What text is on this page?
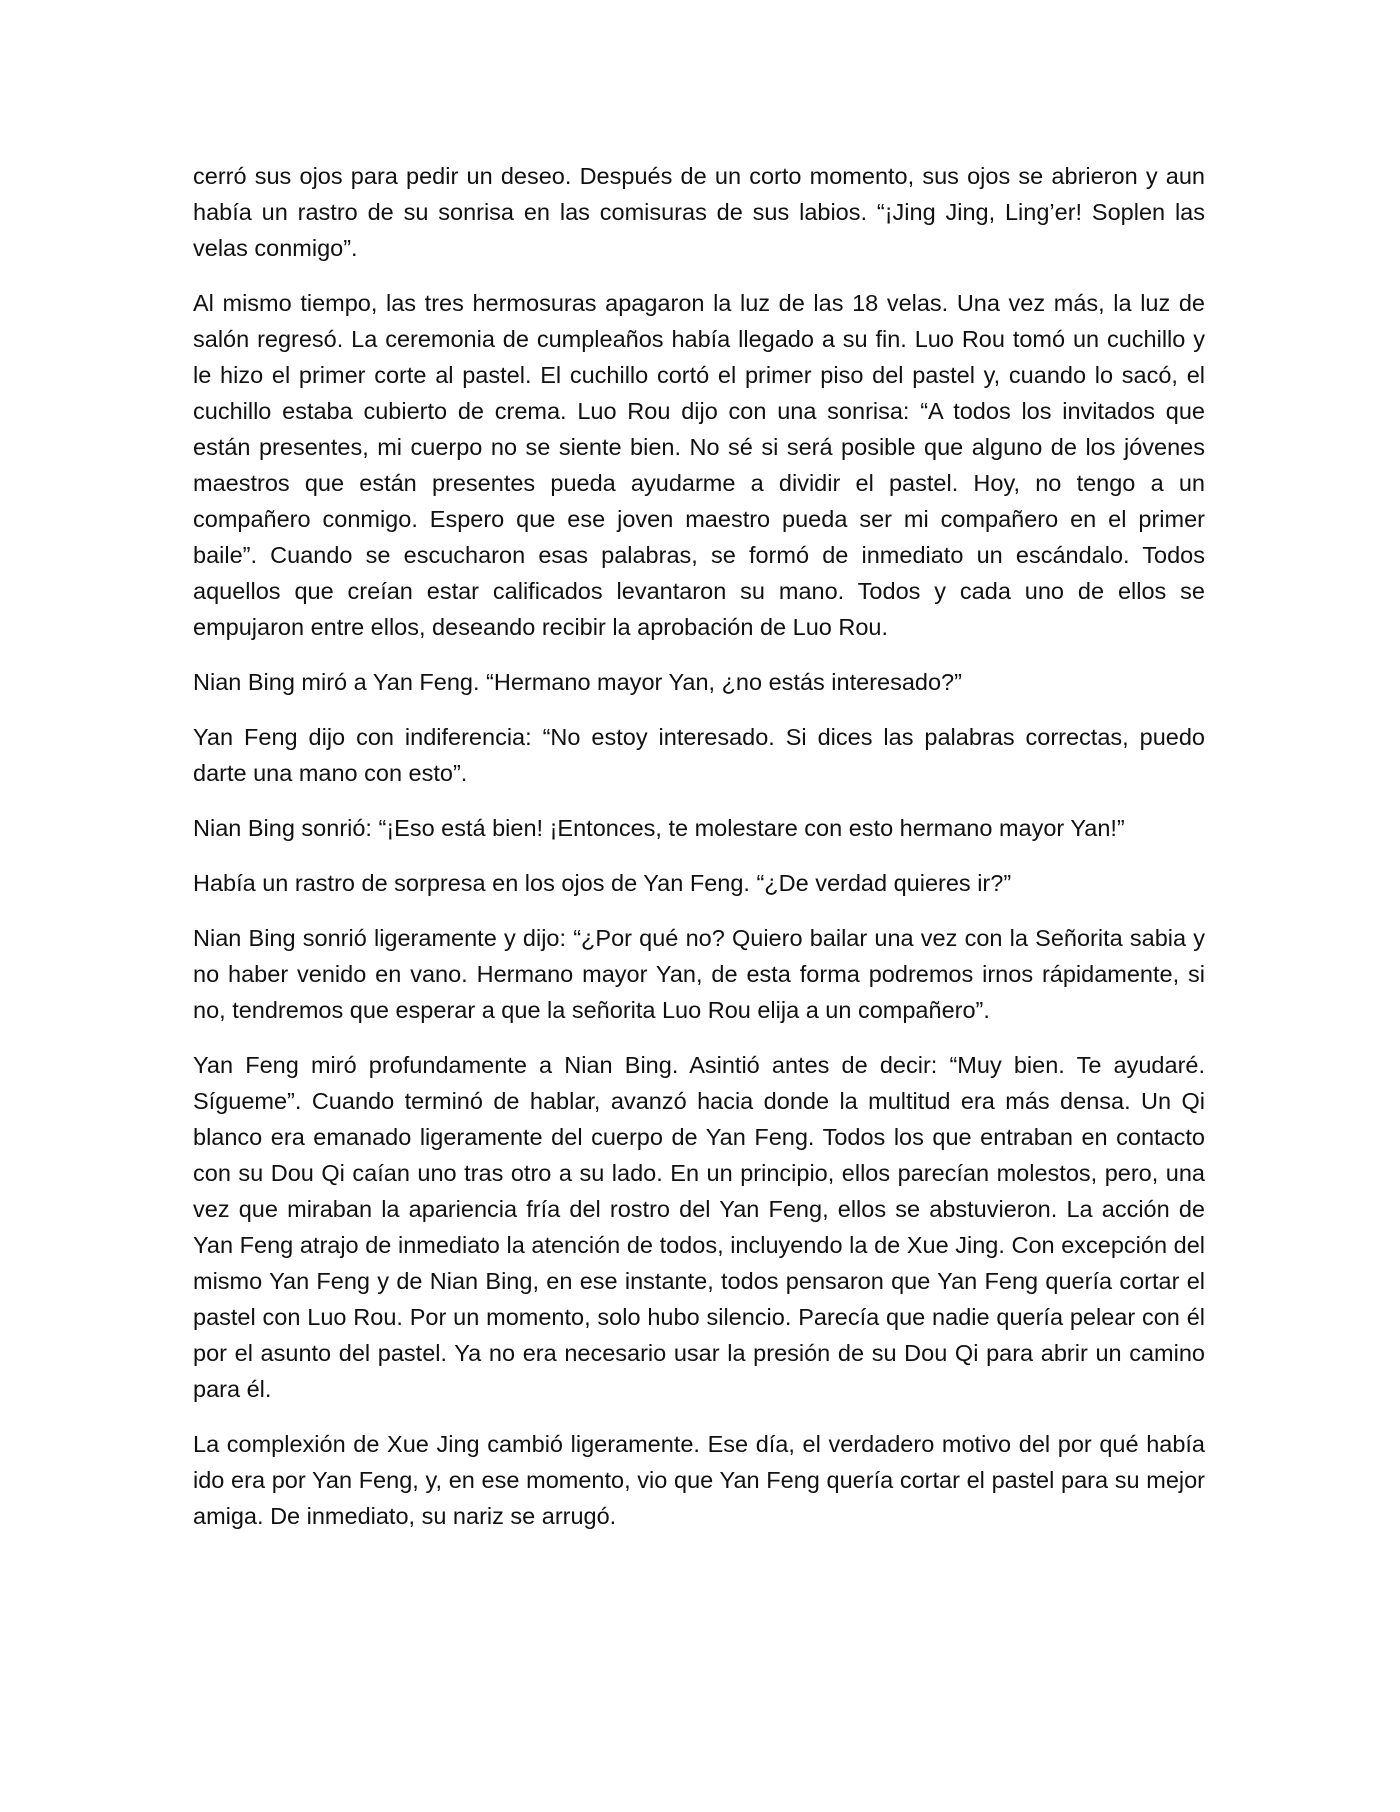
cerró sus ojos para pedir un deseo. Después de un corto momento, sus ojos se abrieron y aun había un rastro de su sonrisa en las comisuras de sus labios. “¡Jing Jing, Ling’er! Soplen las velas conmigo”.

Al mismo tiempo, las tres hermosuras apagaron la luz de las 18 velas. Una vez más, la luz de salón regresó. La ceremonia de cumpleaños había llegado a su fin. Luo Rou tomó un cuchillo y le hizo el primer corte al pastel. El cuchillo cortó el primer piso del pastel y, cuando lo sacó, el cuchillo estaba cubierto de crema. Luo Rou dijo con una sonrisa: “A todos los invitados que están presentes, mi cuerpo no se siente bien. No sé si será posible que alguno de los jóvenes maestros que están presentes pueda ayudarme a dividir el pastel. Hoy, no tengo a un compañero conmigo. Espero que ese joven maestro pueda ser mi compañero en el primer baile”. Cuando se escucharon esas palabras, se formó de inmediato un escándalo. Todos aquellos que creían estar calificados levantaron su mano. Todos y cada uno de ellos se empujaron entre ellos, deseando recibir la aprobación de Luo Rou.

Nian Bing miró a Yan Feng. “Hermano mayor Yan, ¿no estás interesado?”

Yan Feng dijo con indiferencia: “No estoy interesado. Si dices las palabras correctas, puedo darte una mano con esto”.

Nian Bing sonrió: “¡Eso está bien! ¡Entonces, te molestare con esto hermano mayor Yan!”

Había un rastro de sorpresa en los ojos de Yan Feng. “¿De verdad quieres ir?”

Nian Bing sonrió ligeramente y dijo: “¿Por qué no? Quiero bailar una vez con la Señorita sabia y no haber venido en vano. Hermano mayor Yan, de esta forma podremos irnos rápidamente, si no, tendremos que esperar a que la señorita Luo Rou elija a un compañero”.

Yan Feng miró profundamente a Nian Bing. Asintió antes de decir: “Muy bien. Te ayudaré. Sígueme”. Cuando terminó de hablar, avanzó hacia donde la multitud era más densa. Un Qi blanco era emanado ligeramente del cuerpo de Yan Feng. Todos los que entraban en contacto con su Dou Qi caían uno tras otro a su lado. En un principio, ellos parecían molestos, pero, una vez que miraban la apariencia fría del rostro del Yan Feng, ellos se abstuvieron. La acción de Yan Feng atrajo de inmediato la atención de todos, incluyendo la de Xue Jing. Con excepción del mismo Yan Feng y de Nian Bing, en ese instante, todos pensaron que Yan Feng quería cortar el pastel con Luo Rou. Por un momento, solo hubo silencio. Parecía que nadie quería pelear con él por el asunto del pastel. Ya no era necesario usar la presión de su Dou Qi para abrir un camino para él.

La complexión de Xue Jing cambió ligeramente. Ese día, el verdadero motivo del por qué había ido era por Yan Feng, y, en ese momento, vio que Yan Feng quería cortar el pastel para su mejor amiga. De inmediato, su nariz se arrugó.
